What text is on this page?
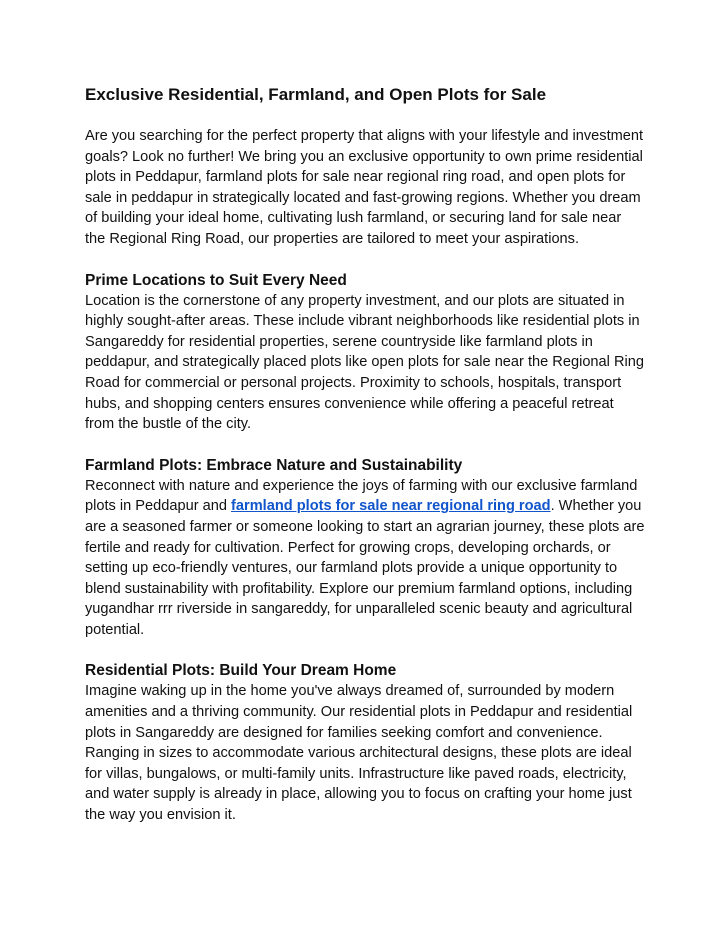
Exclusive Residential, Farmland, and Open Plots for Sale

Are you searching for the perfect property that aligns with your lifestyle and investment goals? Look no further! We bring you an exclusive opportunity to own prime residential plots in Peddapur, farmland plots for sale near regional ring road, and open plots for sale in peddapur in strategically located and fast-growing regions. Whether you dream of building your ideal home, cultivating lush farmland, or securing land for sale near the Regional Ring Road, our properties are tailored to meet your aspirations.

Prime Locations to Suit Every Need

Location is the cornerstone of any property investment, and our plots are situated in highly sought-after areas. These include vibrant neighborhoods like residential plots in Sangareddy for residential properties, serene countryside like farmland plots in peddapur, and strategically placed plots like open plots for sale near the Regional Ring Road for commercial or personal projects. Proximity to schools, hospitals, transport hubs, and shopping centers ensures convenience while offering a peaceful retreat from the bustle of the city.

Farmland Plots: Embrace Nature and Sustainability

Reconnect with nature and experience the joys of farming with our exclusive farmland plots in Peddapur and farmland plots for sale near regional ring road. Whether you are a seasoned farmer or someone looking to start an agrarian journey, these plots are fertile and ready for cultivation. Perfect for growing crops, developing orchards, or setting up eco-friendly ventures, our farmland plots provide a unique opportunity to blend sustainability with profitability. Explore our premium farmland options, including yugandhar rrr riverside in sangareddy, for unparalleled scenic beauty and agricultural potential.

Residential Plots: Build Your Dream Home

Imagine waking up in the home you've always dreamed of, surrounded by modern amenities and a thriving community. Our residential plots in Peddapur and residential plots in Sangareddy are designed for families seeking comfort and convenience. Ranging in sizes to accommodate various architectural designs, these plots are ideal for villas, bungalows, or multi-family units. Infrastructure like paved roads, electricity, and water supply is already in place, allowing you to focus on crafting your home just the way you envision it.
